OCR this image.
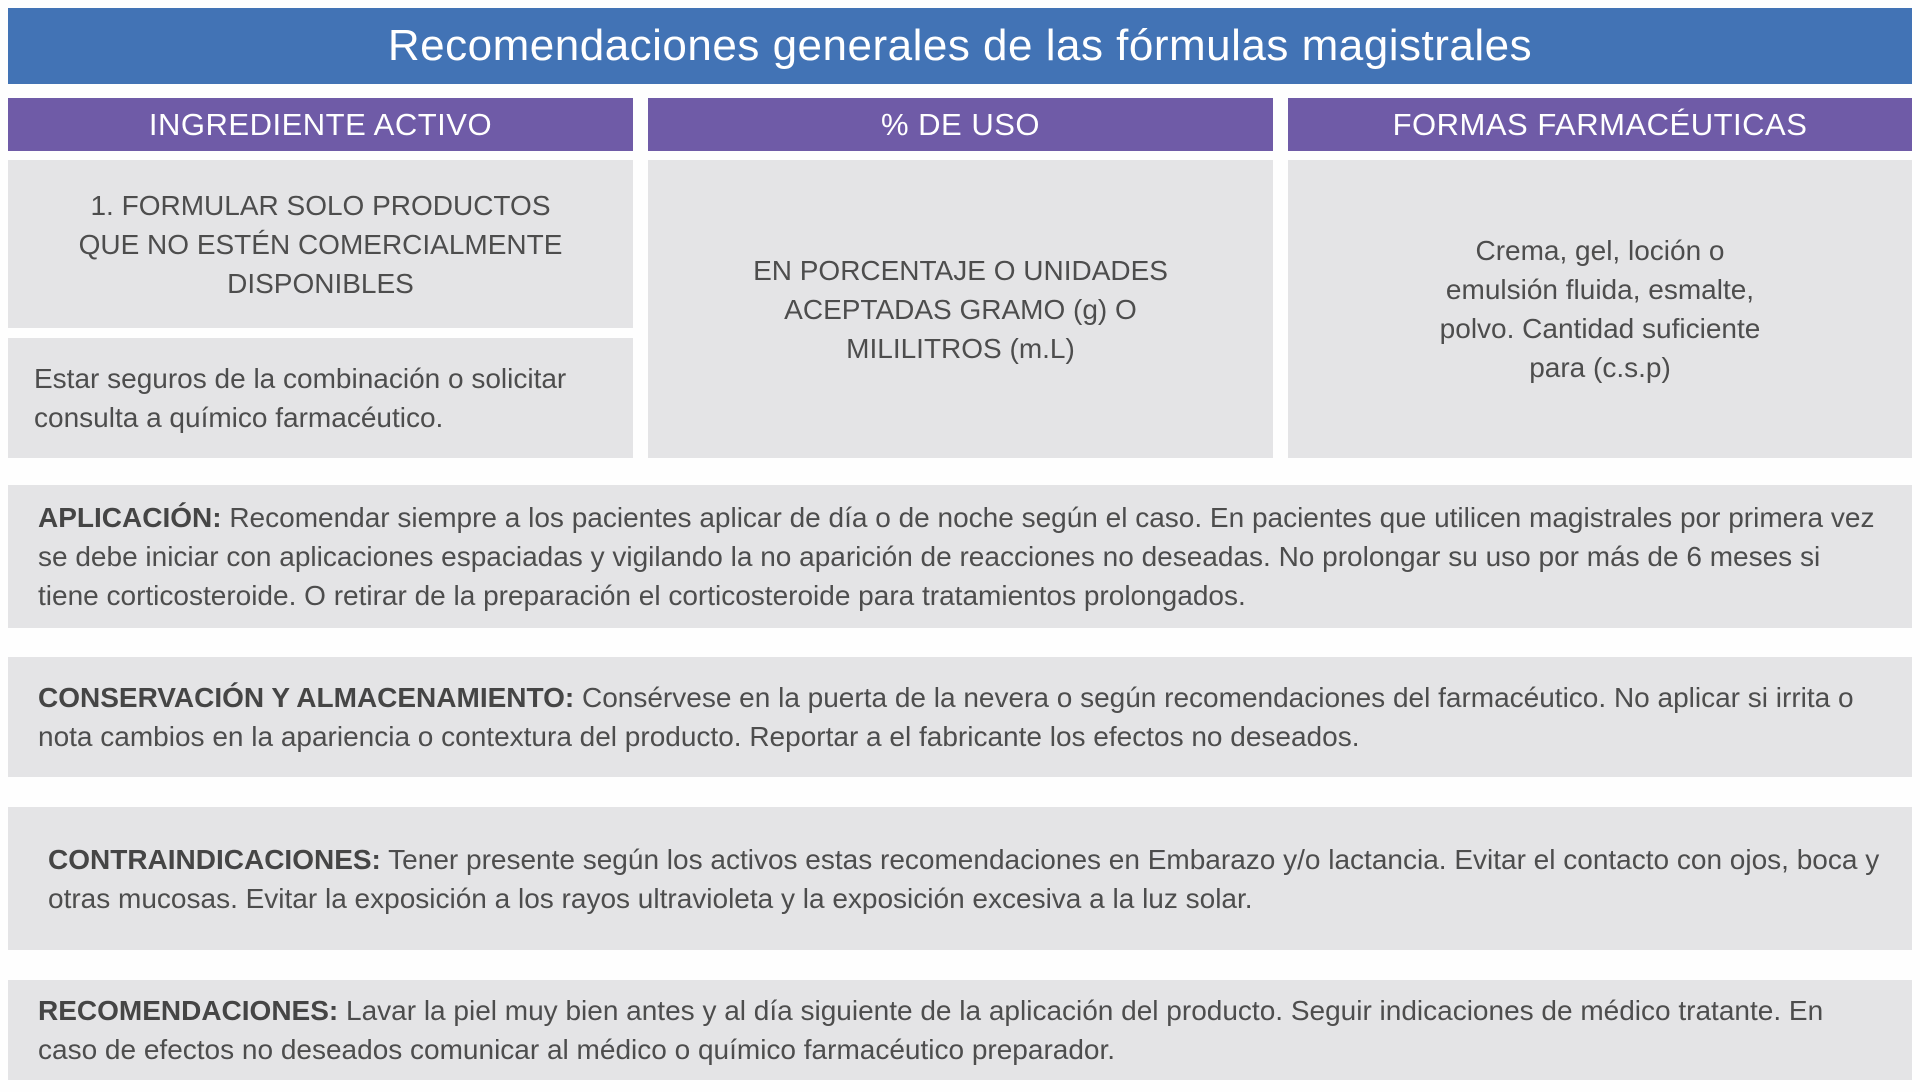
Recomendaciones generales de las fórmulas magistrales
INGREDIENTE ACTIVO
1. FORMULAR SOLO PRODUCTOS QUE NO ESTÉN COMERCIALMENTE DISPONIBLES
Estar seguros de la combinación o solicitar consulta a químico farmacéutico.
% DE USO
EN PORCENTAJE O UNIDADES ACEPTADAS GRAMO (g) O MILILITROS (m.L)
FORMAS FARMACÉUTICAS
Crema, gel, loción o emulsión fluida, esmalte, polvo. Cantidad suficiente para (c.s.p)

APLICACIÓN: Recomendar siempre a los pacientes aplicar de día o de noche según el caso. En pacientes que utilicen magistrales por primera vez se debe iniciar con aplicaciones espaciadas y vigilando la no aparición de reacciones no deseadas. No prolongar su uso por más de 6 meses si tiene corticosteroide. O retirar de la preparación el corticosteroide para tratamientos prolongados.

CONSERVACIÓN Y ALMACENAMIENTO: Consérvese en la puerta de la nevera o según recomendaciones del farmacéutico. No aplicar si irrita o nota cambios en la apariencia o contextura del producto. Reportar a el fabricante los efectos no deseados.

CONTRAINDICACIONES: Tener presente según los activos estas recomendaciones en Embarazo y/o lactancia. Evitar el contacto con ojos, boca y otras mucosas. Evitar la exposición a los rayos ultravioleta y la exposición excesiva a la luz solar.

RECOMENDACIONES: Lavar la piel muy bien antes y al día siguiente de la aplicación del producto. Seguir indicaciones de médico tratante. En caso de efectos no deseados comunicar al médico o químico farmacéutico preparador.
